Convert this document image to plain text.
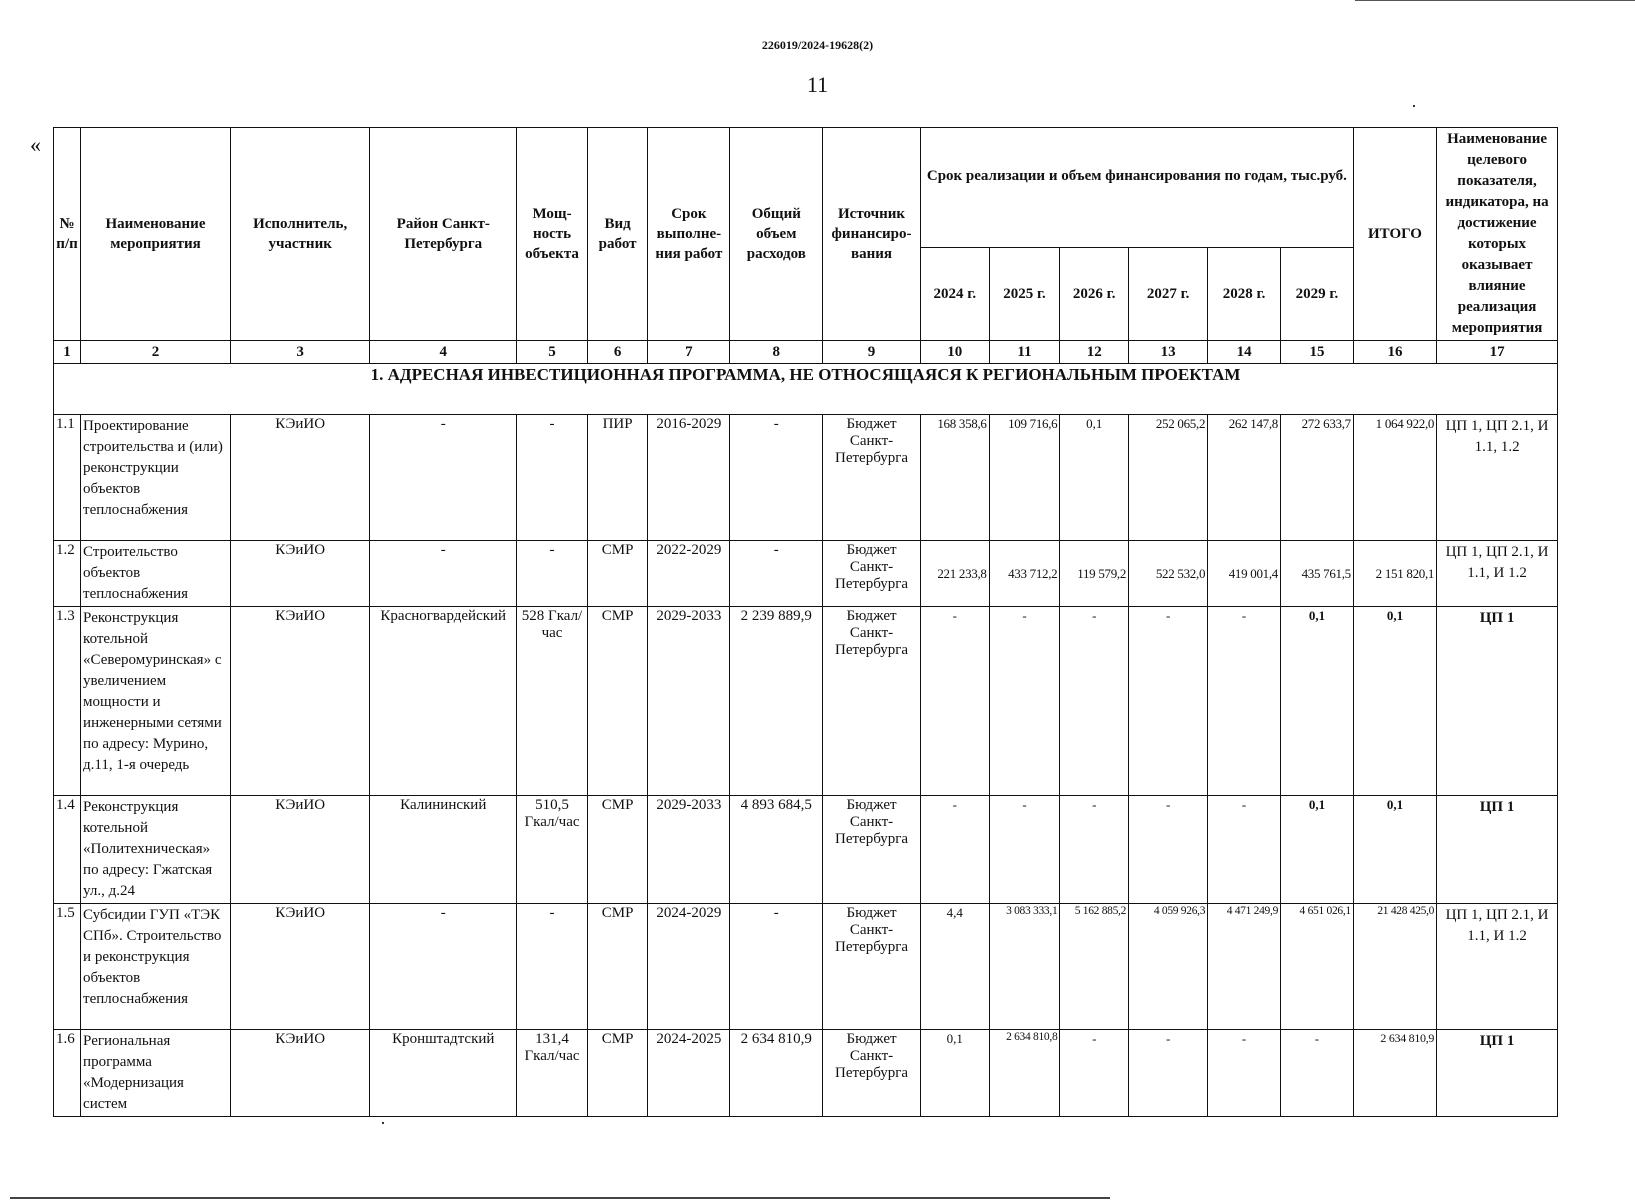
226019/2024-19628(2)
11
«
№ п/п	Наименование мероприятия	Исполнитель, участник	Район Санкт-Петербурга	Мощ-ность объекта	Вид работ	Срок выполне-ния работ	Общий объем расходов	Источник финансиро-вания	Срок реализации и объем финансирования по годам, тыс.руб.						ИТОГО	Наименование целевого показателя, индикатора, на достижение которых оказывает влияние реализация мероприятия
									2024 г.	2025 г.	2026 г.	2027 г.	2028 г.	2029 г.		
1	2	3	4	5	6	7	8	9	10	11	12	13	14	15	16	17
1. АДРЕСНАЯ ИНВЕСТИЦИОННАЯ ПРОГРАММА, НЕ ОТНОСЯЩАЯСЯ К РЕГИОНАЛЬНЫМ ПРОЕКТАМ																
1.1	Проектирование строительства и (или) реконструкции объектов теплоснабжения	КЭиИО	-	-	ПИР	2016-2029	-	Бюджет Санкт-Петербурга	168 358,6	109 716,6	0,1	252 065,2	262 147,8	272 633,7	1 064 922,0	ЦП 1, ЦП 2.1, И 1.1, 1.2
1.2	Строительство объектов теплоснабжения	КЭиИО	-	-	СМР	2022-2029	-	Бюджет Санкт-Петербурга	221 233,8	433 712,2	119 579,2	522 532,0	419 001,4	435 761,5	2 151 820,1	ЦП 1, ЦП 2.1, И 1.1, И 1.2
1.3	Реконструкция котельной «Северомуринская» с увеличением мощности и инженерными сетями по адресу: Мурино, д.11, 1-я очередь	КЭиИО	Красногвардейский	528 Гкал/час	СМР	2029-2033	2 239 889,9	Бюджет Санкт-Петербурга	-	-	-	-	-	0,1	0,1	ЦП 1
1.4	Реконструкция котельной «Политехническая» по адресу: Гжатская ул., д.24	КЭиИО	Калининский	510,5 Гкал/час	СМР	2029-2033	4 893 684,5	Бюджет Санкт-Петербурга	-	-	-	-	-	0,1	0,1	ЦП 1
1.5	Субсидии ГУП «ТЭК СПб». Строительство и реконструкция объектов теплоснабжения	КЭиИО	-	-	СМР	2024-2029	-	Бюджет Санкт-Петербурга	4,4	3 083 333,1	5 162 885,2	4 059 926,3	4 471 249,9	4 651 026,1	21 428 425,0	ЦП 1, ЦП 2.1, И 1.1, И 1.2
1.6	Региональная программа «Модернизация систем	КЭиИО	Кронштадтский	131,4 Гкал/час	СМР	2024-2025	2 634 810,9	Бюджет Санкт-Петербурга	0,1	2 634 810,8	-	-	-	-	2 634 810,9	ЦП 1
